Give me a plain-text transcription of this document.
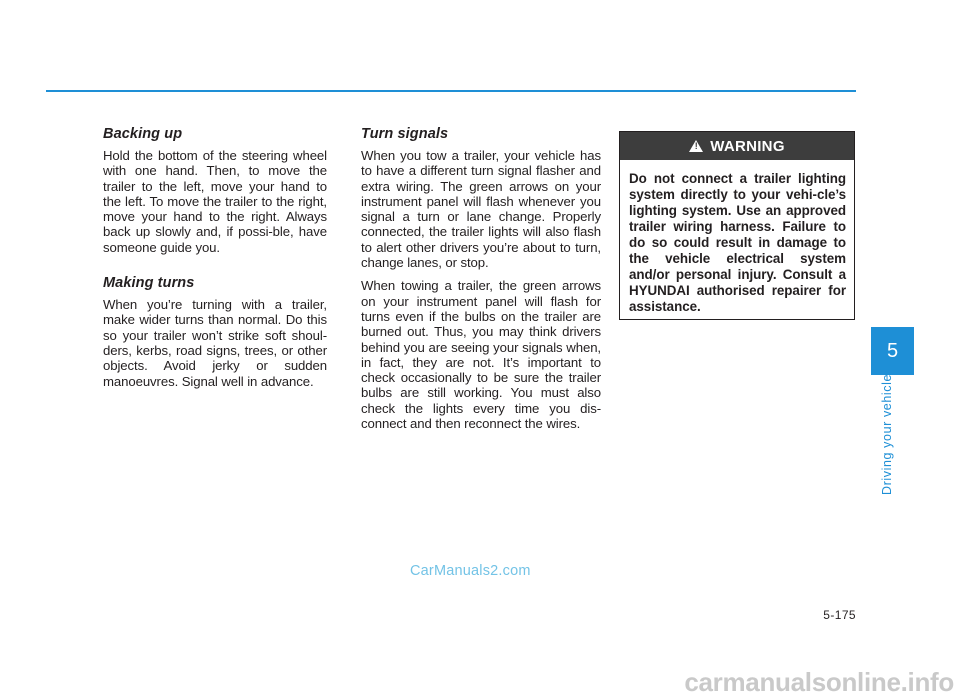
Backing up

Hold the bottom of the steering wheel with one hand. Then, to move the trailer to the left, move your hand to the left. To move the trailer to the right, move your hand to the right. Always back up slowly and, if possi-ble, have someone guide you.

Making turns

When you’re turning with a trailer, make wider turns than normal. Do this so your trailer won’t strike soft shoul-ders, kerbs, road signs, trees, or other objects. Avoid jerky or sudden manoeuvres. Signal well in advance.

Turn signals

When you tow a trailer, your vehicle has to have a different turn signal flasher and extra wiring. The green arrows on your instrument panel will flash whenever you signal a turn or lane change. Properly connected, the trailer lights will also flash to alert other drivers you’re about to turn, change lanes, or stop.

When towing a trailer, the green arrows on your instrument panel will flash for turns even if the bulbs on the trailer are burned out. Thus, you may think drivers behind you are seeing your signals when, in fact, they are not. It’s important to check occasionally to be sure the trailer bulbs are still working. You must also check the lights every time you dis-connect and then reconnect the wires.

! WARNING

Do not connect a trailer lighting system directly to your vehi-cle’s lighting system. Use an approved trailer wiring harness. Failure to do so could result in damage to the vehicle electrical system and/or personal injury. Consult a HYUNDAI authorised repairer for assistance.

5
Driving your vehicle
5-175
CarManuals2.com
carmanualsonline.info
